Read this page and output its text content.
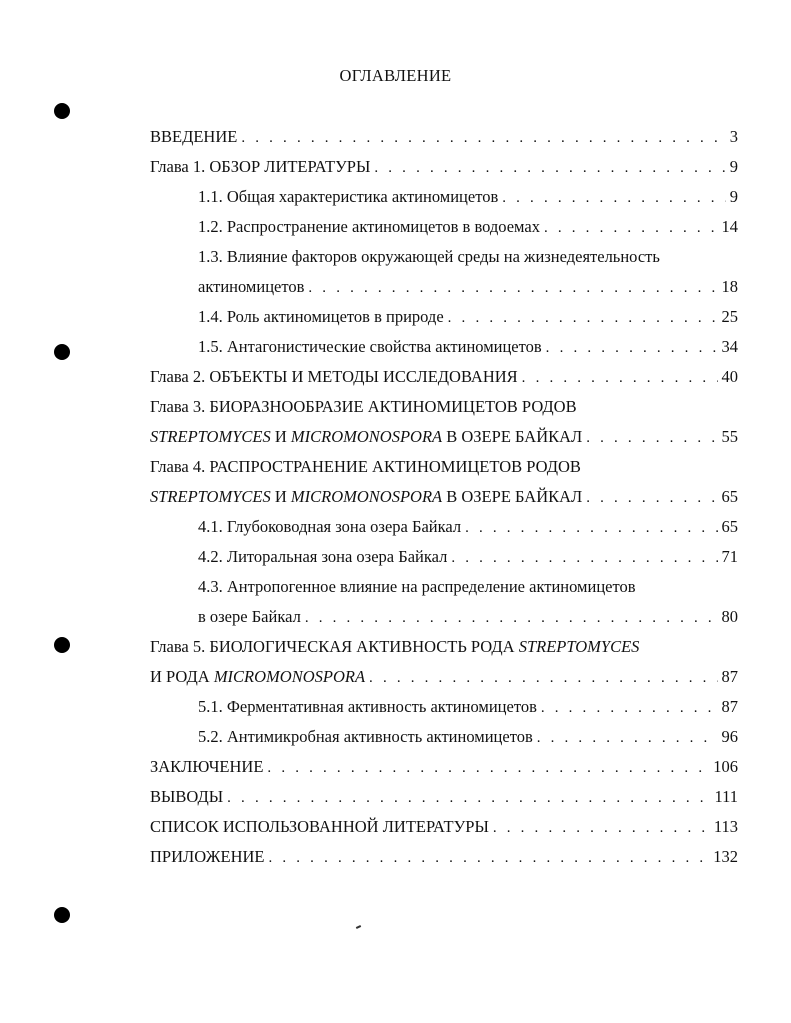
ОГЛАВЛЕНИЕ
ВВЕДЕНИЕ . . .	3
Глава 1. ОБЗОР ЛИТЕРАТУРЫ . . .	9
1.1. Общая характеристика актиномицетов . . .	9
1.2. Распространение актиномицетов в водоемах . . .	14
1.3. Влияние факторов окружающей среды на жизнедеятельность
актиномицетов . . .	18
1.4. Роль актиномицетов в природе . . .	25
1.5. Антагонистические свойства актиномицетов . . .	34
Глава 2. ОБЪЕКТЫ И МЕТОДЫ ИССЛЕДОВАНИЯ . . .	40
Глава 3. БИОРАЗНООБРАЗИЕ АКТИНОМИЦЕТОВ РОДОВ
STREPTOMYCES И MICROMONOSPORA В ОЗЕРЕ БАЙКАЛ . . .	55
Глава 4. РАСПРОСТРАНЕНИЕ АКТИНОМИЦЕТОВ РОДОВ
STREPTOMYCES И MICROMONOSPORA В ОЗЕРЕ БАЙКАЛ . . .	65
4.1. Глубоководная зона озера Байкал . . .	65
4.2. Литоральная зона озера Байкал . . .	71
4.3. Антропогенное влияние на распределение актиномицетов
в озере Байкал . . .	80
Глава 5. БИОЛОГИЧЕСКАЯ АКТИВНОСТЬ РОДА STREPTOMYCES
И РОДА MICROMONOSPORA . . .	87
5.1. Ферментативная активность актиномицетов . . .	87
5.2. Антимикробная активность актиномицетов . . .	96
ЗАКЛЮЧЕНИЕ . . .	106
ВЫВОДЫ . . .	111
СПИСОК ИСПОЛЬЗОВАННОЙ ЛИТЕРАТУРЫ . . .	113
ПРИЛОЖЕНИЕ . . .	132
